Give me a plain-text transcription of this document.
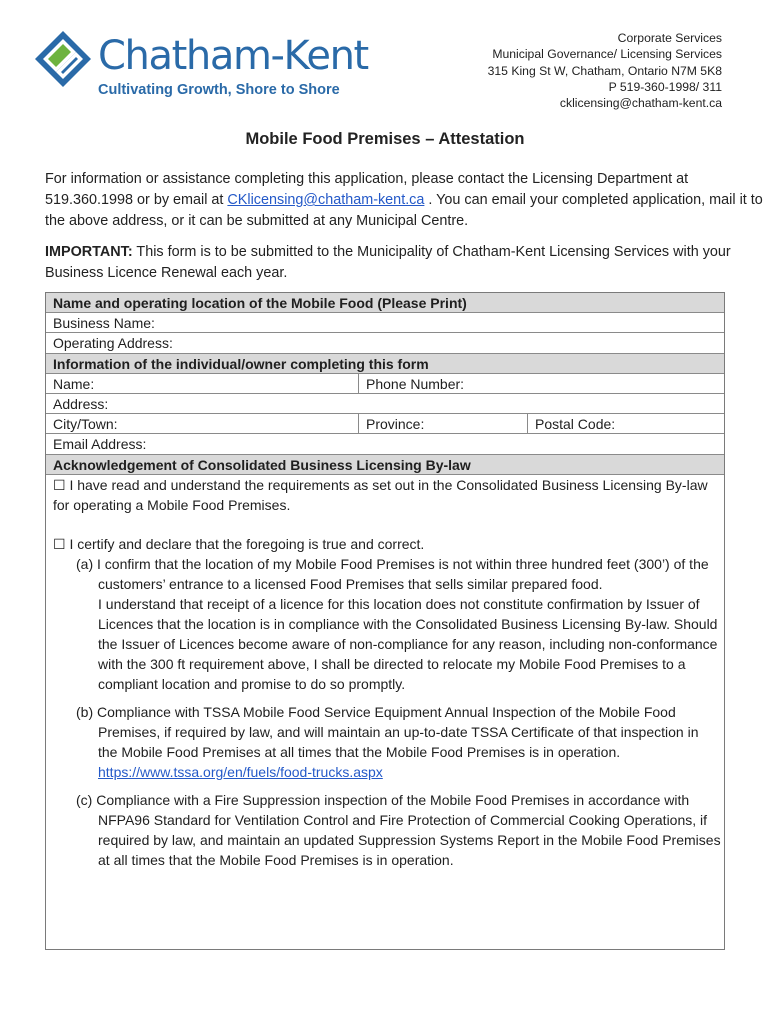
Chatham-Kent
Cultivating Growth, Shore to Shore
Corporate Services
Municipal Governance/ Licensing Services
315 King St W, Chatham, Ontario N7M 5K8
P 519-360-1998/ 311
cklicensing@chatham-kent.ca
Mobile Food Premises – Attestation
For information or assistance completing this application, please contact the Licensing Department at 519.360.1998 or by email at CKlicensing@chatham-kent.ca . You can email your completed application, mail it to the above address, or it can be submitted at any Municipal Centre.
IMPORTANT: This form is to be submitted to the Municipality of Chatham-Kent Licensing Services with your Business Licence Renewal each year.
Name and operating location of the Mobile Food (Please Print)
Business Name:
Operating Address:
Information of the individual/owner completing this form
Name:	Phone Number:
Address:
City/Town:	Province:	Postal Code:
Email Address:
Acknowledgement of Consolidated Business Licensing By-law

☐ I have read and understand the requirements as set out in the Consolidated Business Licensing By-law for operating a Mobile Food Premises.

☐ I certify and declare that the foregoing is true and correct.

(a) I confirm that the location of my Mobile Food Premises is not within three hundred feet (300’) of the customers’ entrance to a licensed Food Premises that sells similar prepared food.

I understand that receipt of a licence for this location does not constitute confirmation by Issuer of Licences that the location is in compliance with the Consolidated Business Licensing By-law. Should the Issuer of Licences become aware of non-compliance for any reason, including non-conformance with the 300 ft requirement above, I shall be directed to relocate my Mobile Food Premises to a compliant location and promise to do so promptly.

(b) Compliance with TSSA Mobile Food Service Equipment Annual Inspection of the Mobile Food Premises, if required by law, and will maintain an up-to-date TSSA Certificate of that inspection in the Mobile Food Premises at all times that the Mobile Food Premises is in operation. https://www.tssa.org/en/fuels/food-trucks.aspx

(c) Compliance with a Fire Suppression inspection of the Mobile Food Premises in accordance with NFPA96 Standard for Ventilation Control and Fire Protection of Commercial Cooking Operations, if required by law, and maintain an updated Suppression Systems Report in the Mobile Food Premises at all times that the Mobile Food Premises is in operation.
